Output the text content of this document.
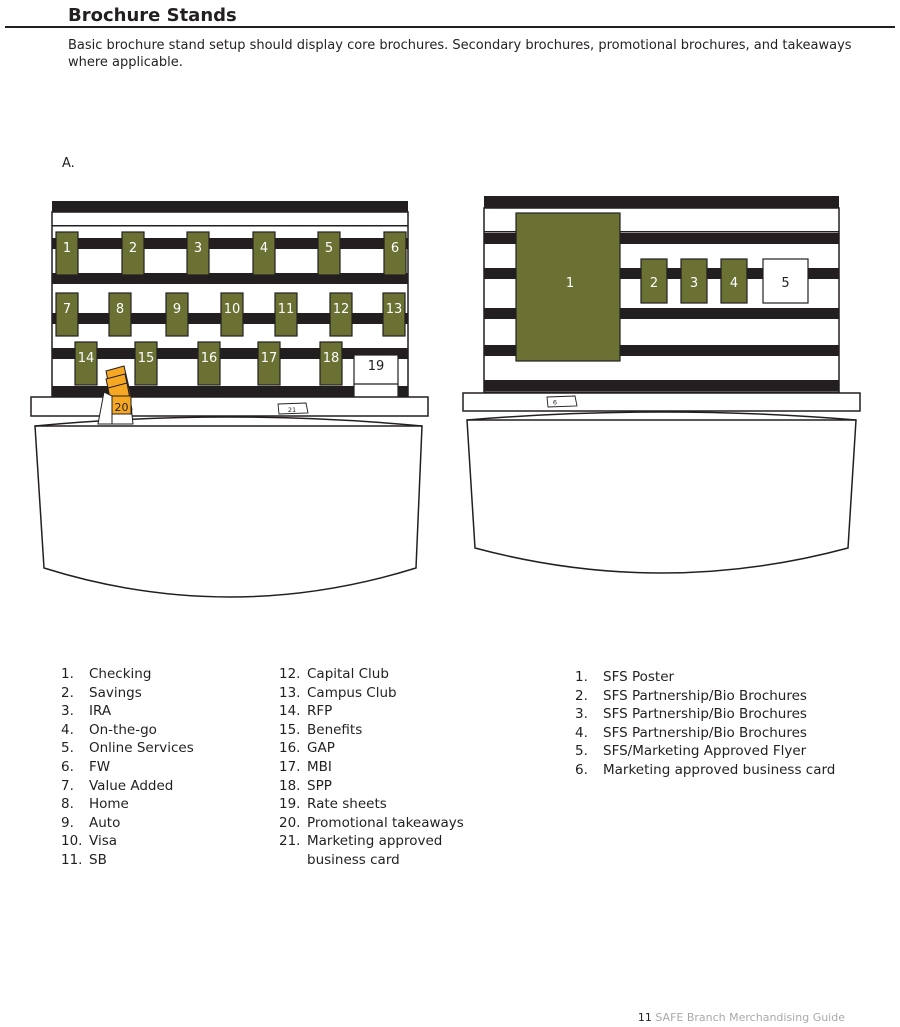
Brochure Stands

Basic brochure stand setup should display core brochures. Secondary brochures, promotional brochures, and takeaways where applicable.

A.
1	2	3	4	5	6
7	8	9	10	11	12	13
14	15	16	17	18
19
20	21
1	2 3 4	5
6
1. Checking
2. Savings
3. IRA
4. On-the-go
5. Online Services
6. FW
7. Value Added
8. Home
9. Auto
10. Visa
11. SB
12. Capital Club
13. Campus Club
14. RFP
15. Benefits
16. GAP
17. MBI
18. SPP
19. Rate sheets
20. Promotional takeaways
21. Marketing approved business card
1. SFS Poster
2. SFS Partnership/Bio Brochures
3. SFS Partnership/Bio Brochures
4. SFS Partnership/Bio Brochures
5. SFS/Marketing Approved Flyer
6. Marketing approved business card
11 SAFE Branch Merchandising Guide
